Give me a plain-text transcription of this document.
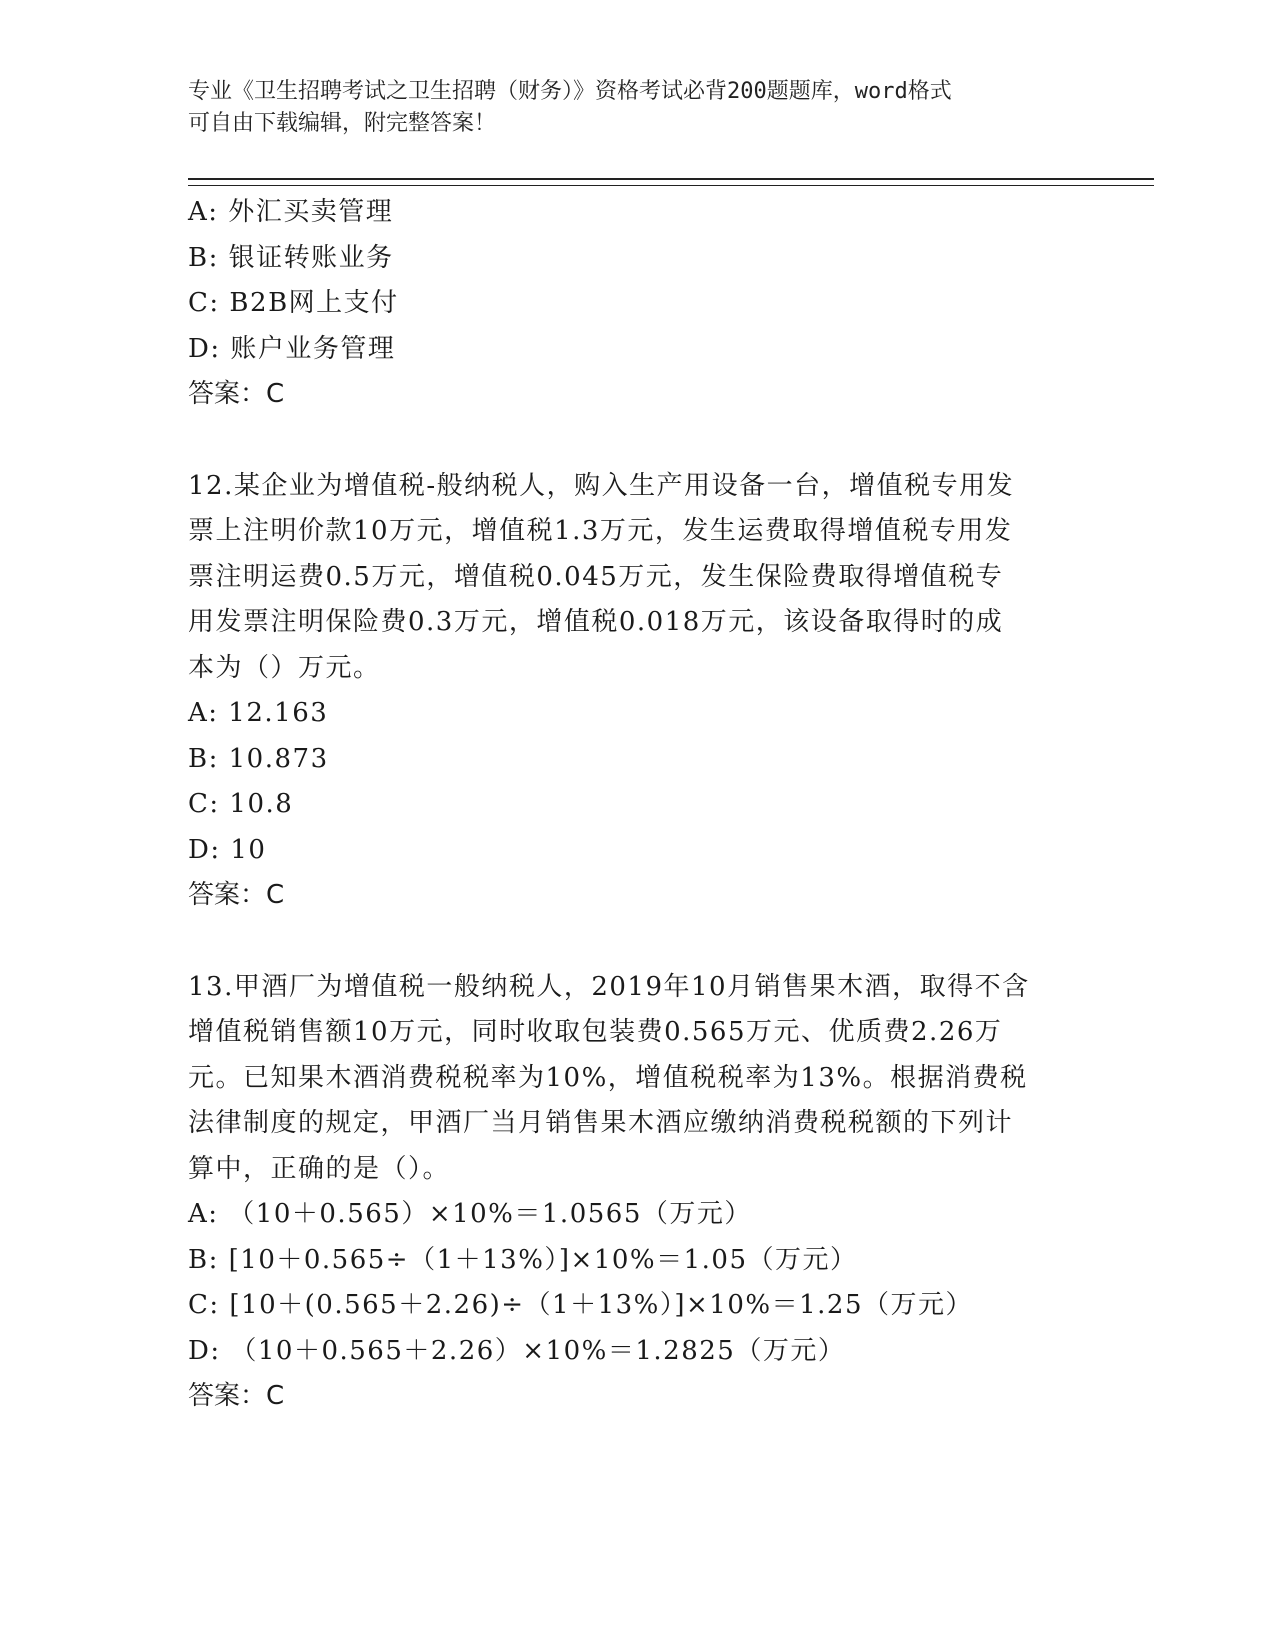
专业《卫生招聘考试之卫生招聘（财务）》资格考试必背200题题库，word格式
可自由下载编辑，附完整答案！
A: 外汇买卖管理
B: 银证转账业务
C: B2B网上支付
D: 账户业务管理
答案：C
12.某企业为增值税-般纳税人，购入生产用设备一台，增值税专用发
票上注明价款10万元，增值税1.3万元，发生运费取得增值税专用发
票注明运费0.5万元，增值税0.045万元，发生保险费取得增值税专
用发票注明保险费0.3万元，增值税0.018万元，该设备取得时的成
本为（）万元。
A: 12.163
B: 10.873
C: 10.8
D: 10
答案：C
13.甲酒厂为增值税一般纳税人，2019年10月销售果木酒，取得不含
增值税销售额10万元，同时收取包装费0.565万元、优质费2.26万
元。已知果木酒消费税税率为10%，增值税税率为13%。根据消费税
法律制度的规定，甲酒厂当月销售果木酒应缴纳消费税税额的下列计
算中，正确的是（）。
A: （10＋0.565）×10%＝1.0565（万元）
B: [10＋0.565÷（1＋13%）]×10%＝1.05（万元）
C: [10＋(0.565＋2.26)÷（1＋13%）]×10%＝1.25（万元）
D: （10＋0.565＋2.26）×10%＝1.2825（万元）
答案：C
